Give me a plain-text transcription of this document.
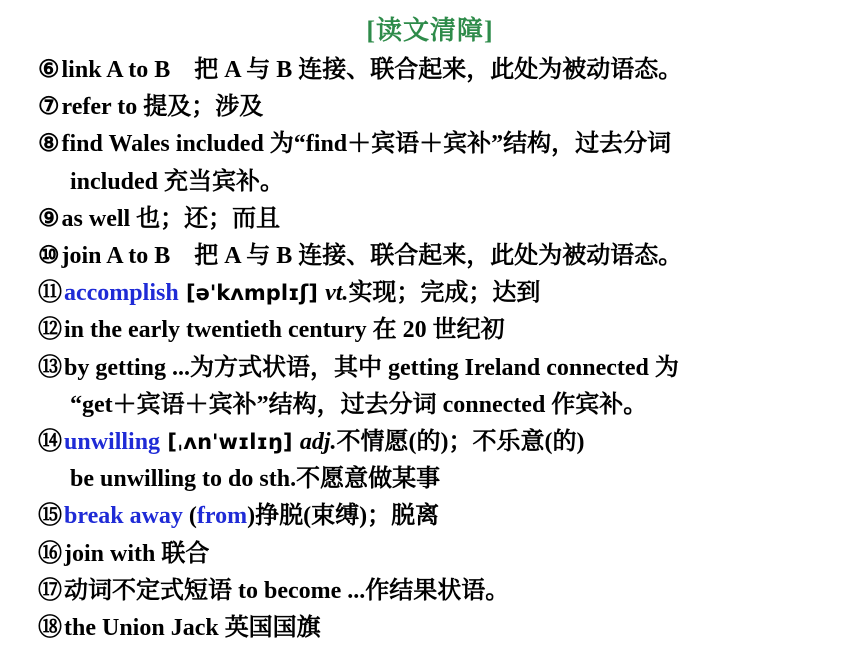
[读文清障]
⑥link A to B　把 A 与 B 连接、联合起来，此处为被动语态。
⑦refer to 提及；涉及
⑧find Wales included 为“find＋宾语＋宾补”结构，过去分词
included 充当宾补。
⑨as well 也；还；而且
⑩join A to B　把 A 与 B 连接、联合起来，此处为被动语态。
⑪accomplish [ə'kʌmplɪʃ] vt.实现；完成；达到
⑫in the early twentieth century 在 20 世纪初
⑬by getting ...为方式状语，其中 getting Ireland connected 为
“get＋宾语＋宾补”结构，过去分词 connected 作宾补。
⑭unwilling [ˌʌn'wɪlɪŋ] adj.不情愿(的)；不乐意(的)
be unwilling to do sth.不愿意做某事
⑮break away (from)挣脱(束缚)；脱离
⑯join with 联合
⑰动词不定式短语 to become ...作结果状语。
⑱the Union Jack 英国国旗
